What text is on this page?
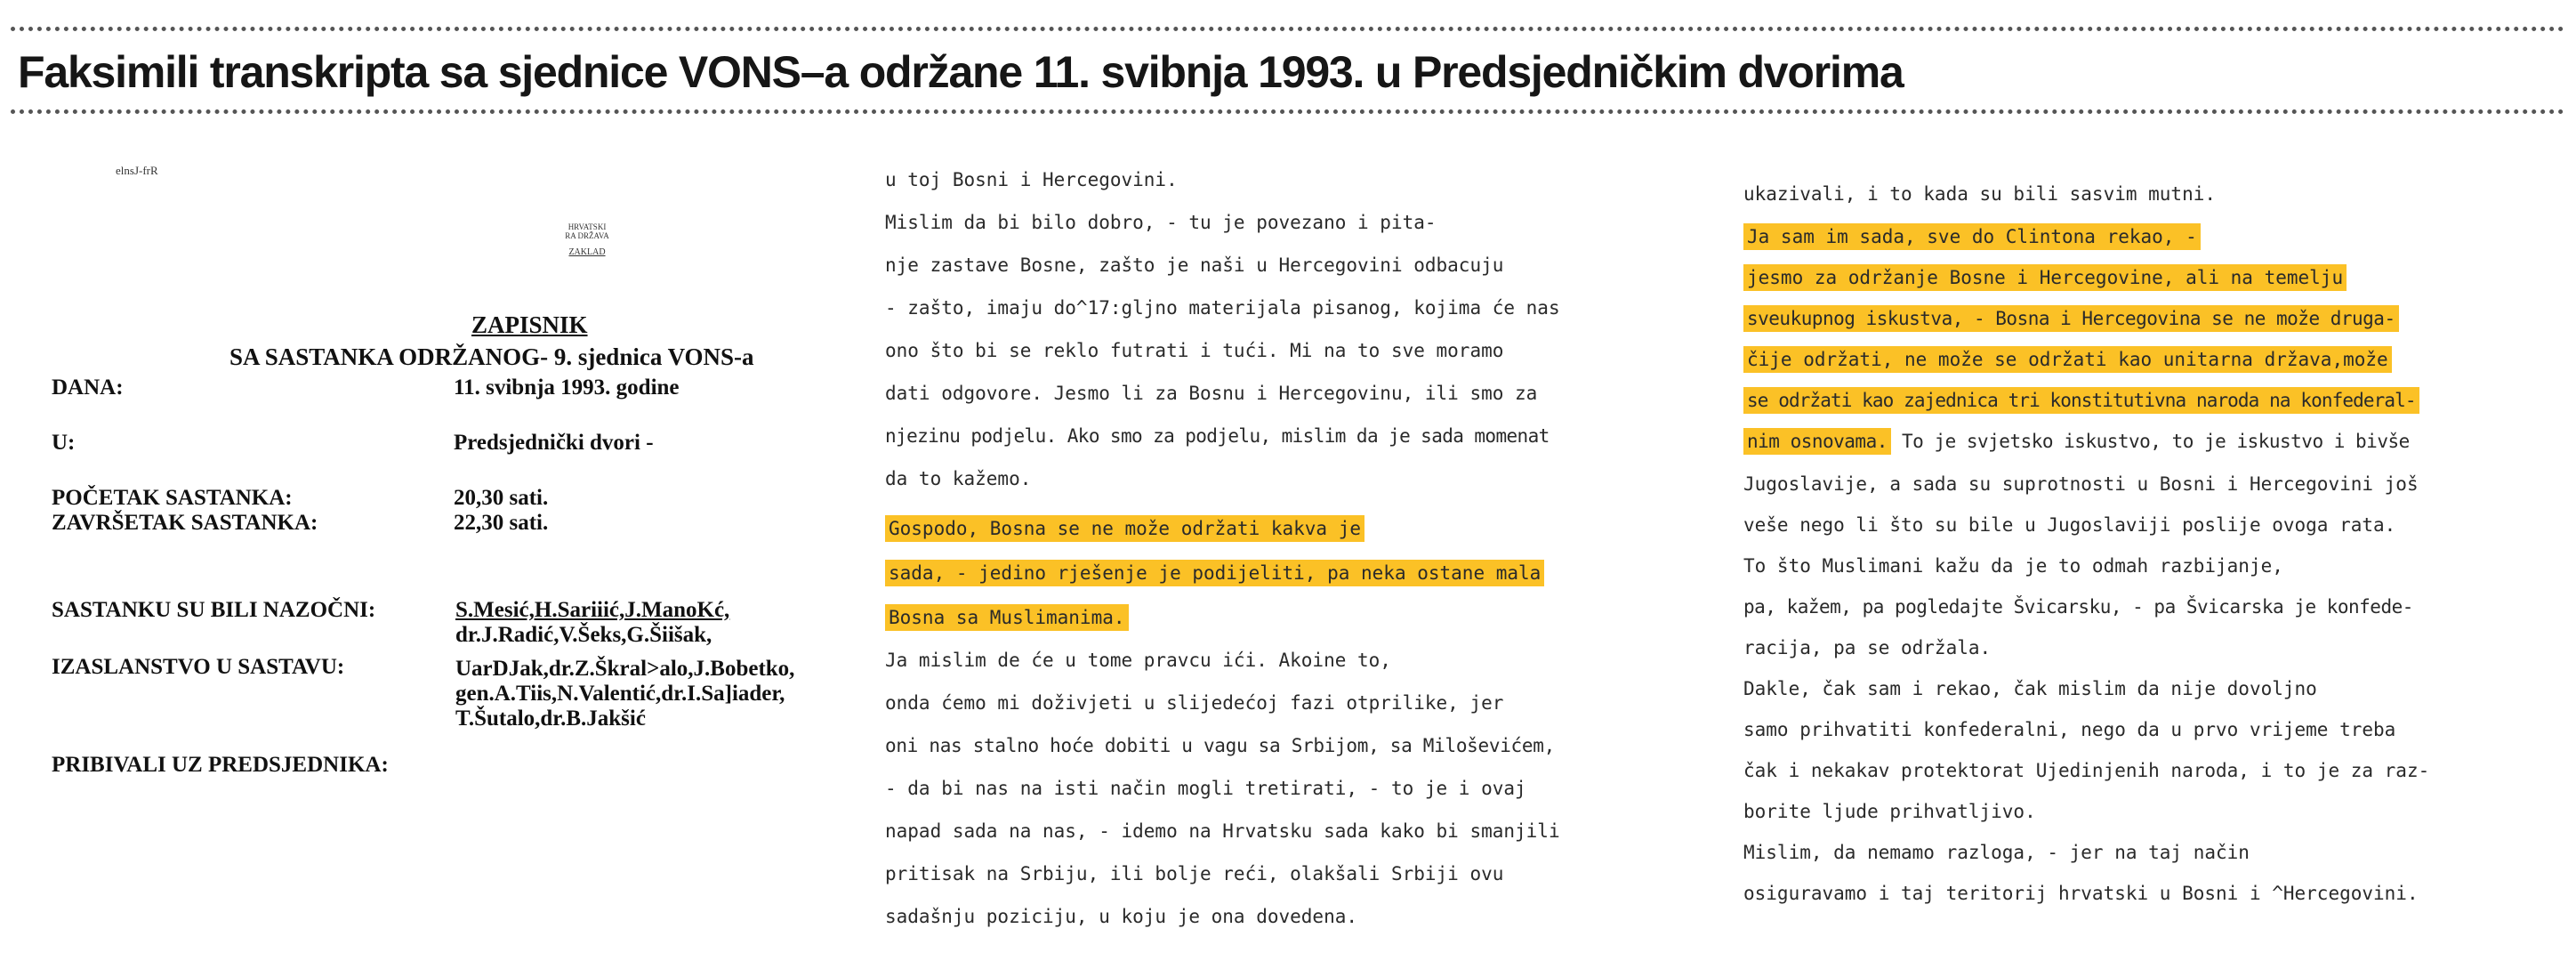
Faksimili transkripta sa sjednice VONS–a održane 11. svibnja 1993. u Predsjedničkim dvorima
elnsJ-frR
HRVATSKI
RA DRŽAVA
ZAKLAD
ZAPISNIK
SA SASTANKA ODRŽANOG- 9. sjednica VONS-a
DANA:	11. svibnja 1993. godine
U:	Predsjednički dvori -
POČETAK SASTANKA:	20,30 sati.
ZAVRŠETAK SASTANKA:	22,30 sati.
SASTANKU SU BILI NAZOČNI:	S.Mesić,H.Sariiić,J.ManoKć,
dr.J.Radić,V.Šeks,G.Šiišak,
IZASLANSTVO U SASTAVU:	UarDJak,dr.Z.Škral>alo,J.Bobetko,
gen.A.Tiis,N.Valentić,dr.I.Sa]iader,
T.Šutalo,dr.B.Jakšić
PRIBIVALI UZ PREDSJEDNIKA:
u toj Bosni i Hercegovini.
Mislim da bi bilo dobro, - tu je povezano i pita-
nje zastave Bosne, zašto je naši u Hercegovini odbacuju
- zašto, imaju do^17:gljno materijala pisanog, kojima će nas
ono što bi se reklo futrati i tući. Mi na to sve moramo
dati odgovore. Jesmo li za Bosnu i Hercegovinu, ili smo za
njezinu podjelu. Ako smo za podjelu, mislim da je sada momenat
da to kažemo.
Gospodo, Bosna se ne može održati kakva je
sada, - jedino rješenje je podijeliti, pa neka ostane mala
Bosna sa Muslimanima.
Ja mislim de će u tome pravcu ići. Akoine to,
onda ćemo mi doživjeti u slijedećoj fazi otprilike, jer
oni nas stalno hoće dobiti u vagu sa Srbijom, sa Miloševićem,
- da bi nas na isti način mogli tretirati, - to je i ovaj
napad sada na nas, - idemo na Hrvatsku sada kako bi smanjili
pritisak na Srbiju, ili bolje reći, olakšali Srbiji ovu
sadašnju poziciju, u koju je ona dovedena.
ukazivali, i to kada su bili sasvim mutni.
Ja sam im sada, sve do Clintona rekao, -
jesmo za održanje Bosne i Hercegovine, ali na temelju
sveukupnog iskustva, - Bosna i Hercegovina se ne može druga-
čije održati, ne može se održati kao unitarna država,može
se održati kao zajednica tri konstitutivna naroda na konfederal-
nim osnovama. To je svjetsko iskustvo, to je iskustvo i bivše
Jugoslavije, a sada su suprotnosti u Bosni i Hercegovini još
veše nego li što su bile u Jugoslaviji poslije ovoga rata.
To što Muslimani kažu da je to odmah razbijanje,
pa, kažem, pa pogledajte Švicarsku, - pa Švicarska je konfede-
racija, pa se održala.
Dakle, čak sam i rekao, čak mislim da nije dovoljno
samo prihvatiti konfederalni, nego da u prvo vrijeme treba
čak i nekakav protektorat Ujedinjenih naroda, i to je za raz-
borite ljude prihvatljivo.
Mislim, da nemamo razloga, - jer na taj način
osiguravamo i taj teritorij hrvatski u Bosni i ^Hercegovini.
